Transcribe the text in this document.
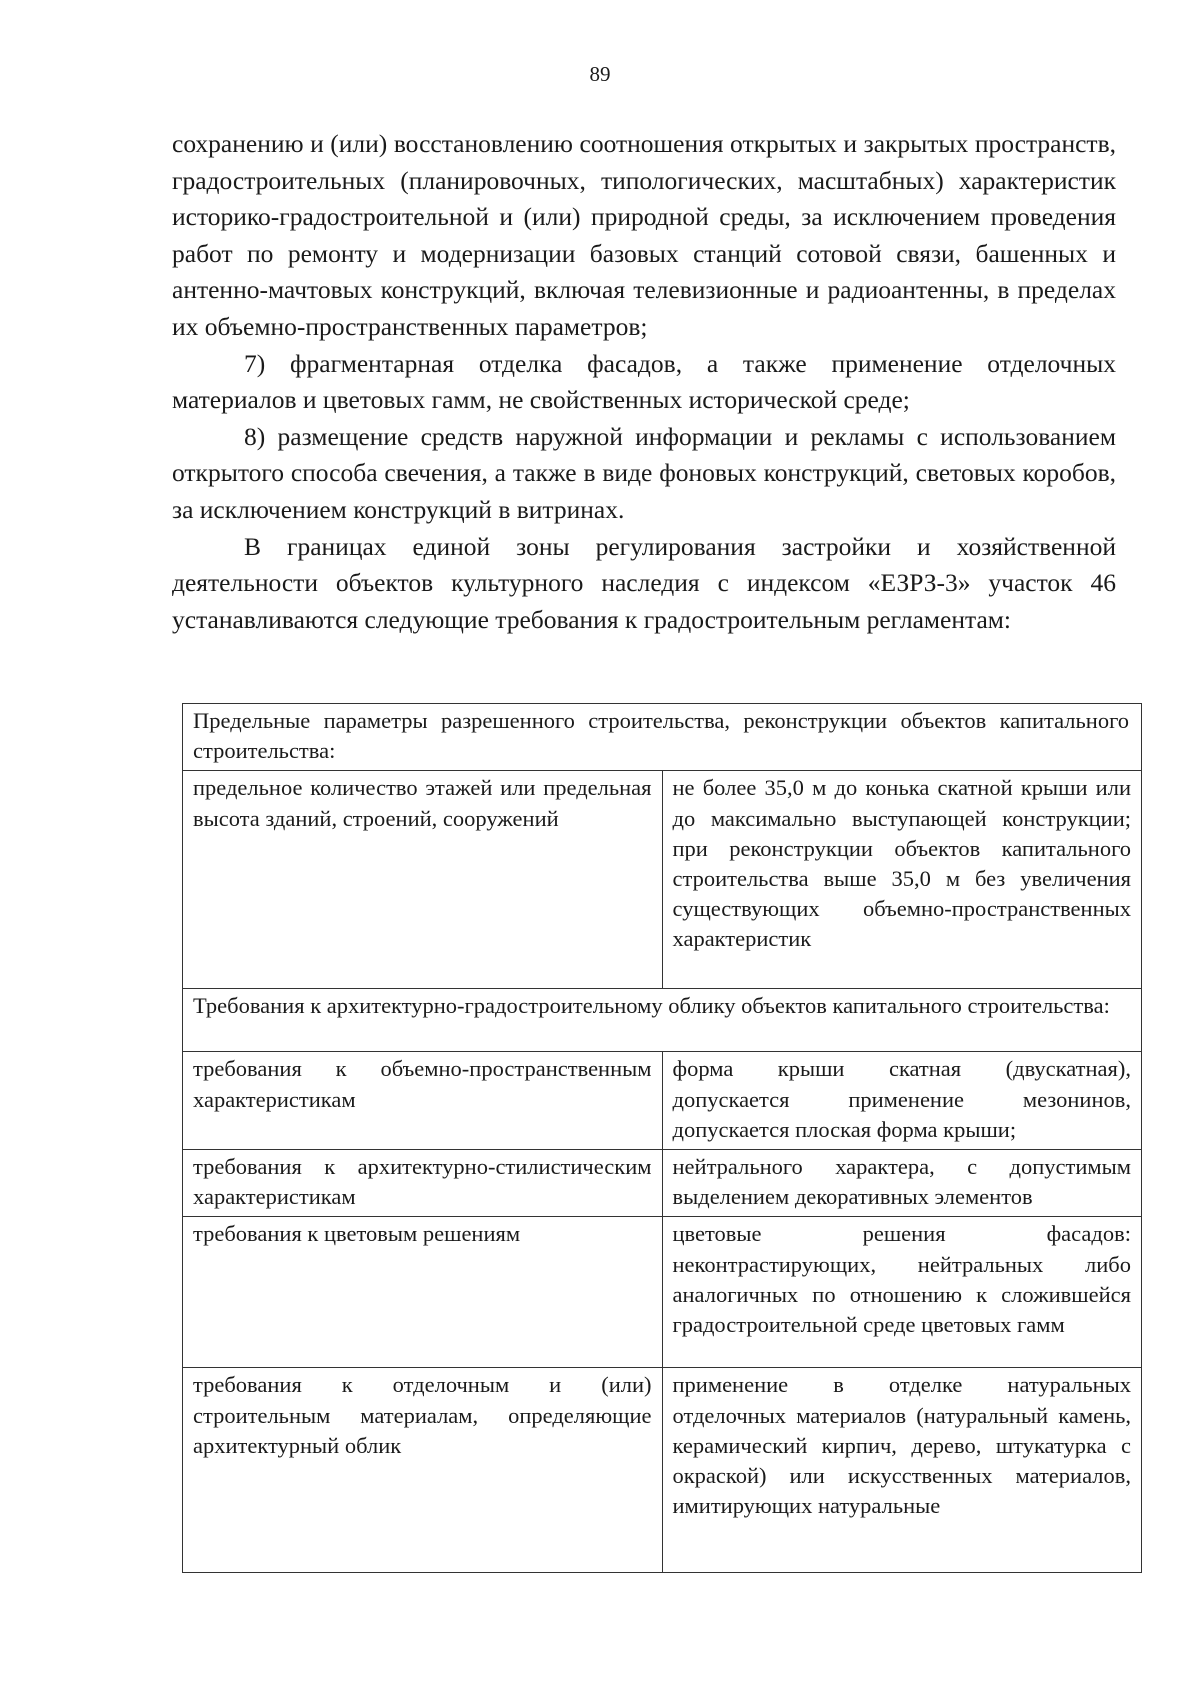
89

сохранению и (или) восстановлению соотношения открытых и закрытых пространств, градостроительных (планировочных, типологических, масштабных) характеристик историко-градостроительной и (или) природной среды, за исключением проведения работ по ремонту и модернизации базовых станций сотовой связи, башенных и антенно-мачтовых конструкций, включая телевизионные и радиоантенны, в пределах их объемно-пространственных параметров;

7) фрагментарная отделка фасадов, а также применение отделочных материалов и цветовых гамм, не свойственных исторической среде;

8) размещение средств наружной информации и рекламы с использованием открытого способа свечения, а также в виде фоновых конструкций, световых коробов, за исключением конструкций в витринах.

В границах единой зоны регулирования застройки и хозяйственной деятельности объектов культурного наследия с индексом «ЕЗРЗ-3» участок 46 устанавливаются следующие требования к градостроительным регламентам:

Предельные параметры разрешенного строительства, реконструкции объектов капитального строительства:	
предельное количество этажей или предельная высота зданий, строений, сооружений	не более 35,0 м до конька скатной крыши или до максимально выступающей конструкции; при реконструкции объектов капитального строительства выше 35,0 м без увеличения существующих объемно-пространственных характеристик
Требования к архитектурно-градостроительному облику объектов капитального строительства:	
требования к объемно-пространственным характеристикам	форма крыши скатная (двускатная), допускается применение мезонинов, допускается плоская форма крыши;
требования к архитектурно-стилистическим характеристикам	нейтрального характера, с допустимым выделением декоративных элементов
требования к цветовым решениям	цветовые решения фасадов: неконтрастирующих, нейтральных либо аналогичных по отношению к сложившейся градостроительной среде цветовых гамм
требования к отделочным и (или) строительным материалам, определяющие архитектурный облик	применение в отделке натуральных отделочных материалов (натуральный камень, керамический кирпич, дерево, штукатурка с окраской) или искусственных материалов, имитирующих натуральные
